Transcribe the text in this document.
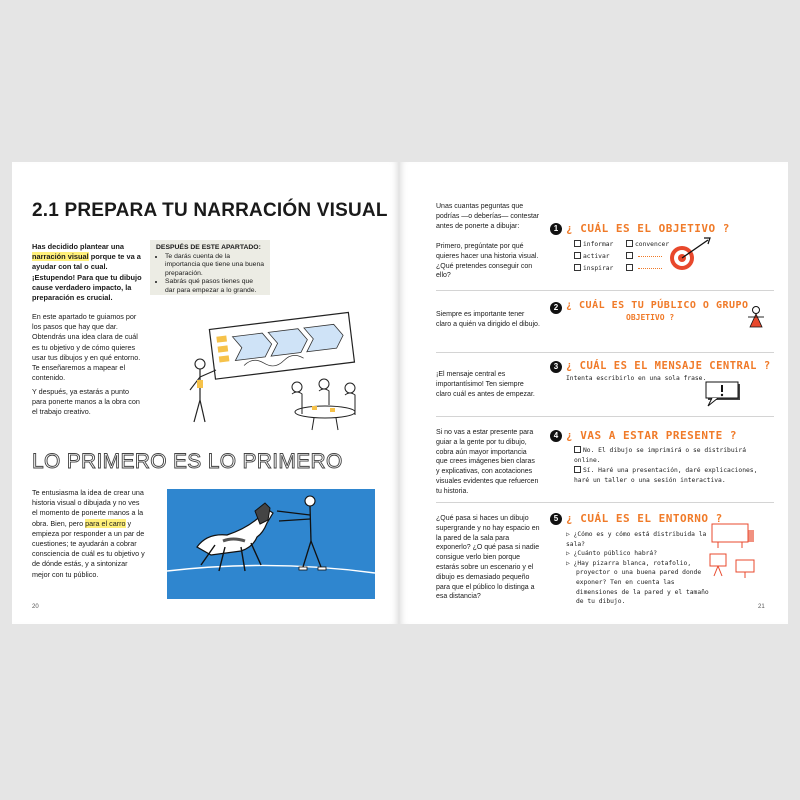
2.1 PREPARA TU NARRACIÓN VISUAL
Has decidido plantear una narración visual porque te va a ayudar con tal o cual. ¡Estupendo! Para que tu dibujo cause verdadero impacto, la preparación es crucial.
DESPUÉS DE ESTE APARTADO:
• Te darás cuenta de la importancia que tiene una buena preparación.
• Sabrás qué pasos tienes que dar para empezar a lo grande.
En este apartado te guiamos por los pasos que hay que dar. Obtendrás una idea clara de cuál es tu objetivo y de cómo quieres usar tus dibujos y en qué entorno. Te enseñaremos a mapear el contenido.
Y después, ya estarás a punto para ponerte manos a la obra con el trabajo creativo.
LO PRIMERO ES LO PRIMERO
Te entusiasma la idea de crear una historia visual o dibujada y no ves el momento de ponerte manos a la obra. Bien, pero para el carro y empieza por responder a un par de cuestiones; te ayudarán a cobrar consciencia de cuál es tu objetivo y de dónde estás, y a sintonizar mejor con tu público.
20
Unas cuantas peguntas que podrías —o deberías— contestar antes de ponerte a dibujar:
Primero, pregúntate por qué quieres hacer una historia visual. ¿Qué pretendes conseguir con ello?
1 ¿ CUÁL ES EL OBJETIVO ?
informar	convencer
activar
inspirar
Siempre es importante tener claro a quién va dirigido el dibujo.
2 ¿ CUÁL ES TU PÚBLICO O GRUPO
OBJETIVO ?
¡El mensaje central es importantísimo! Ten siempre claro cuál es antes de empezar.
3 ¿ CUÁL ES EL MENSAJE CENTRAL ?
Intenta escribirlo en una sola frase.
Si no vas a estar presente para guiar a la gente por tu dibujo, cobra aún mayor importancia que crees imágenes bien claras y explicativas, con acotaciones visuales evidentes que refuercen tu historia.
4 ¿ VAS A ESTAR PRESENTE ?
No. El dibujo se imprimirá o se distribuirá online.
Sí. Haré una presentación, daré explicaciones, haré un taller o una sesión interactiva.
¿Qué pasa si haces un dibujo supergrande y no hay espacio en la pared de la sala para exponerlo? ¿O qué pasa si nadie consigue verlo bien porque estarás sobre un escenario y el dibujo es demasiado pequeño para que el público lo distinga a esa distancia?
5 ¿ CUÁL ES EL ENTORNO ?
▷ ¿Cómo es y cómo está distribuida la sala?
▷ ¿Cuánto público habrá?
▷ ¿Hay pizarra blanca, rotafolio, proyector o una buena pared donde exponer? Ten en cuenta las dimensiones de la pared y el tamaño de tu dibujo.
21
